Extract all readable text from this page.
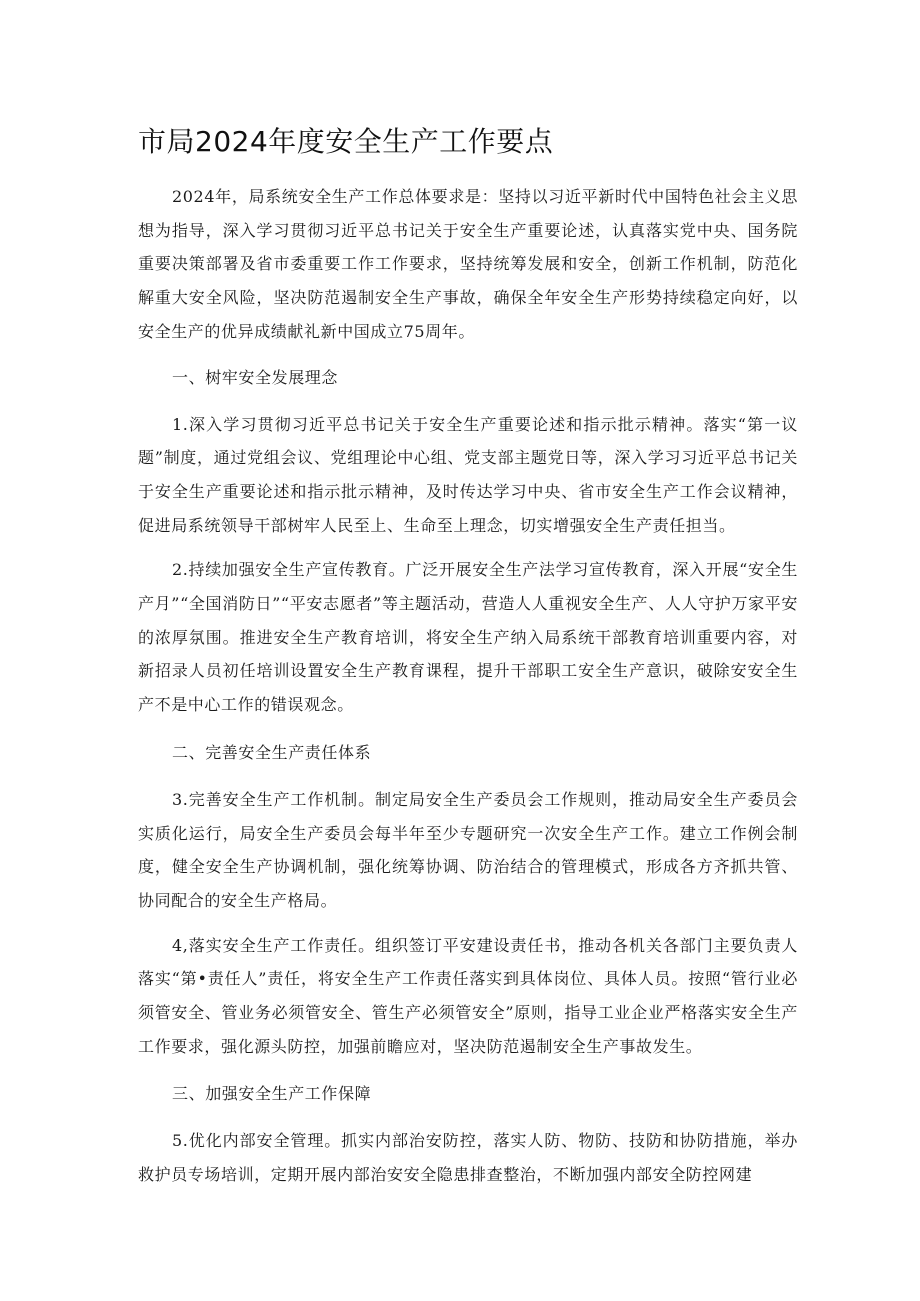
市局2024年度安全生产工作要点

2024年，局系统安全生产工作总体要求是：坚持以习近平新时代中国特色社会主义思想为指导，深入学习贯彻习近平总书记关于安全生产重要论述，认真落实党中央、国务院重要决策部署及省市委重要工作工作要求，坚持统筹发展和安全，创新工作机制，防范化解重大安全风险，坚决防范遏制安全生产事故，确保全年安全生产形势持续稳定向好，以安全生产的优异成绩献礼新中国成立75周年。

一、树牢安全发展理念

1.深入学习贯彻习近平总书记关于安全生产重要论述和指示批示精神。落实“第一议题”制度，通过党组会议、党组理论中心组、党支部主题党日等，深入学习习近平总书记关于安全生产重要论述和指示批示精神，及时传达学习中央、省市安全生产工作会议精神，促进局系统领导干部树牢人民至上、生命至上理念，切实增强安全生产责任担当。

2.持续加强安全生产宣传教育。广泛开展安全生产法学习宣传教育，深入开展“安全生产月”“全国消防日”“平安志愿者”等主题活动，营造人人重视安全生产、人人守护万家平安的浓厚氛围。推进安全生产教育培训，将安全生产纳入局系统干部教育培训重要内容，对新招录人员初任培训设置安全生产教育课程，提升干部职工安全生产意识，破除安安全生产不是中心工作的错误观念。

二、完善安全生产责任体系

3.完善安全生产工作机制。制定局安全生产委员会工作规则，推动局安全生产委员会实质化运行，局安全生产委员会每半年至少专题研究一次安全生产工作。建立工作例会制度，健全安全生产协调机制，强化统筹协调、防治结合的管理模式，形成各方齐抓共管、协同配合的安全生产格局。

4,落实安全生产工作责任。组织签订平安建设责任书，推动各机关各部门主要负责人落实“第•责任人”责任，将安全生产工作责任落实到具体岗位、具体人员。按照“管行业必须管安全、管业务必须管安全、管生产必须管安全”原则，指导工业企业严格落实安全生产工作要求，强化源头防控，加强前瞻应对，坚决防范遏制安全生产事故发生。

三、加强安全生产工作保障

5.优化内部安全管理。抓实内部治安防控，落实人防、物防、技防和协防措施，举办救护员专场培训，定期开展内部治安安全隐患排查整治，不断加强内部安全防控网建
